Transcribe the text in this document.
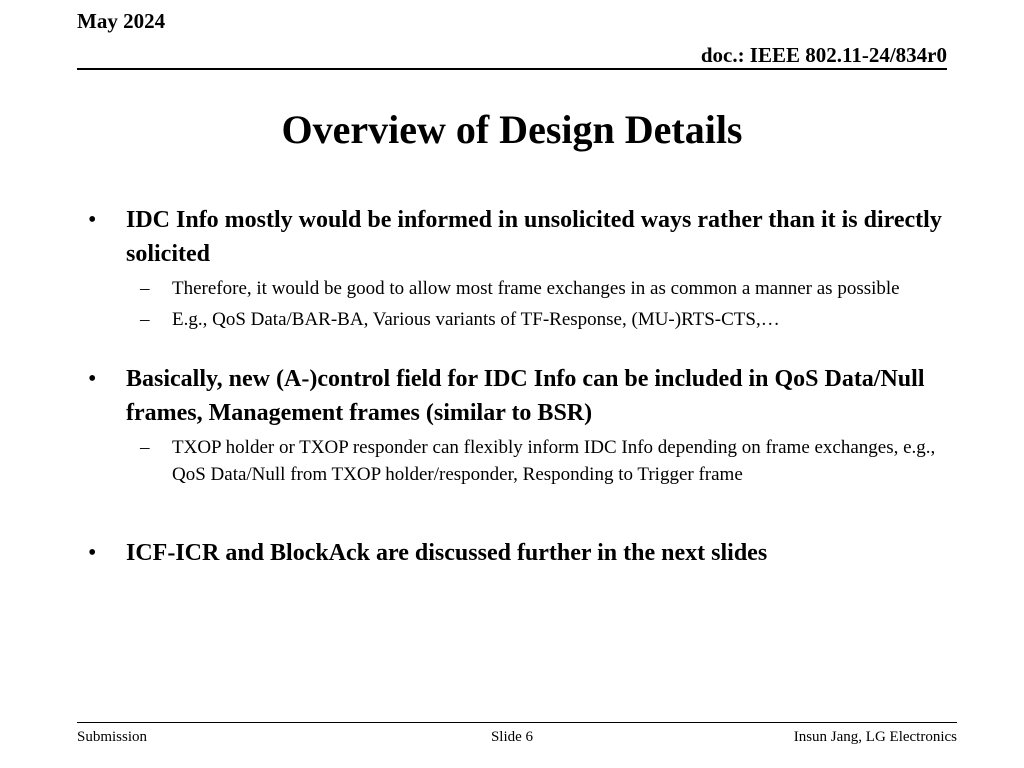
May 2024
doc.: IEEE 802.11-24/834r0
Overview of Design Details
• IDC Info mostly would be informed in unsolicited ways rather than it is directly solicited
– Therefore, it would be good to allow most frame exchanges in as common a manner as possible
– E.g., QoS Data/BAR-BA, Various variants of TF-Response, (MU-)RTS-CTS,…
• Basically, new (A-)control field for IDC Info can be included in QoS Data/Null frames, Management frames (similar to BSR)
– TXOP holder or TXOP responder can flexibly inform IDC Info depending on frame exchanges, e.g., QoS Data/Null from TXOP holder/responder, Responding to Trigger frame
• ICF-ICR and BlockAck are discussed further in the next slides
Submission	Slide 6	Insun Jang, LG Electronics
